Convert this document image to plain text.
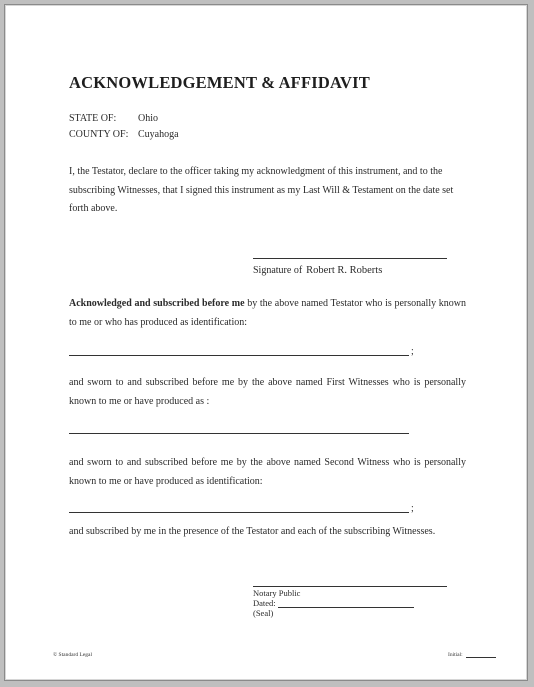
ACKNOWLEDGEMENT & AFFIDAVIT
STATE OF: Ohio
COUNTY OF: Cuyahoga
I, the Testator, declare to the officer taking my acknowledgment of this instrument, and to the subscribing Witnesses, that I signed this instrument as my Last Will & Testament on the date set forth above.
Signature of Robert R. Roberts
Acknowledged and subscribed before me by the above named Testator who is personally known to me or who has produced as identification:
;
and sworn to and subscribed before me by the above named First Witnesses who is personally known to me or have produced as :
and sworn to and subscribed before me by the above named Second Witness who is personally known to me or have produced as identification:
;
and subscribed by me in the presence of the Testator and each of the subscribing Witnesses.
Notary Public
Dated:
(Seal)
© Standard Legal	Initial:
